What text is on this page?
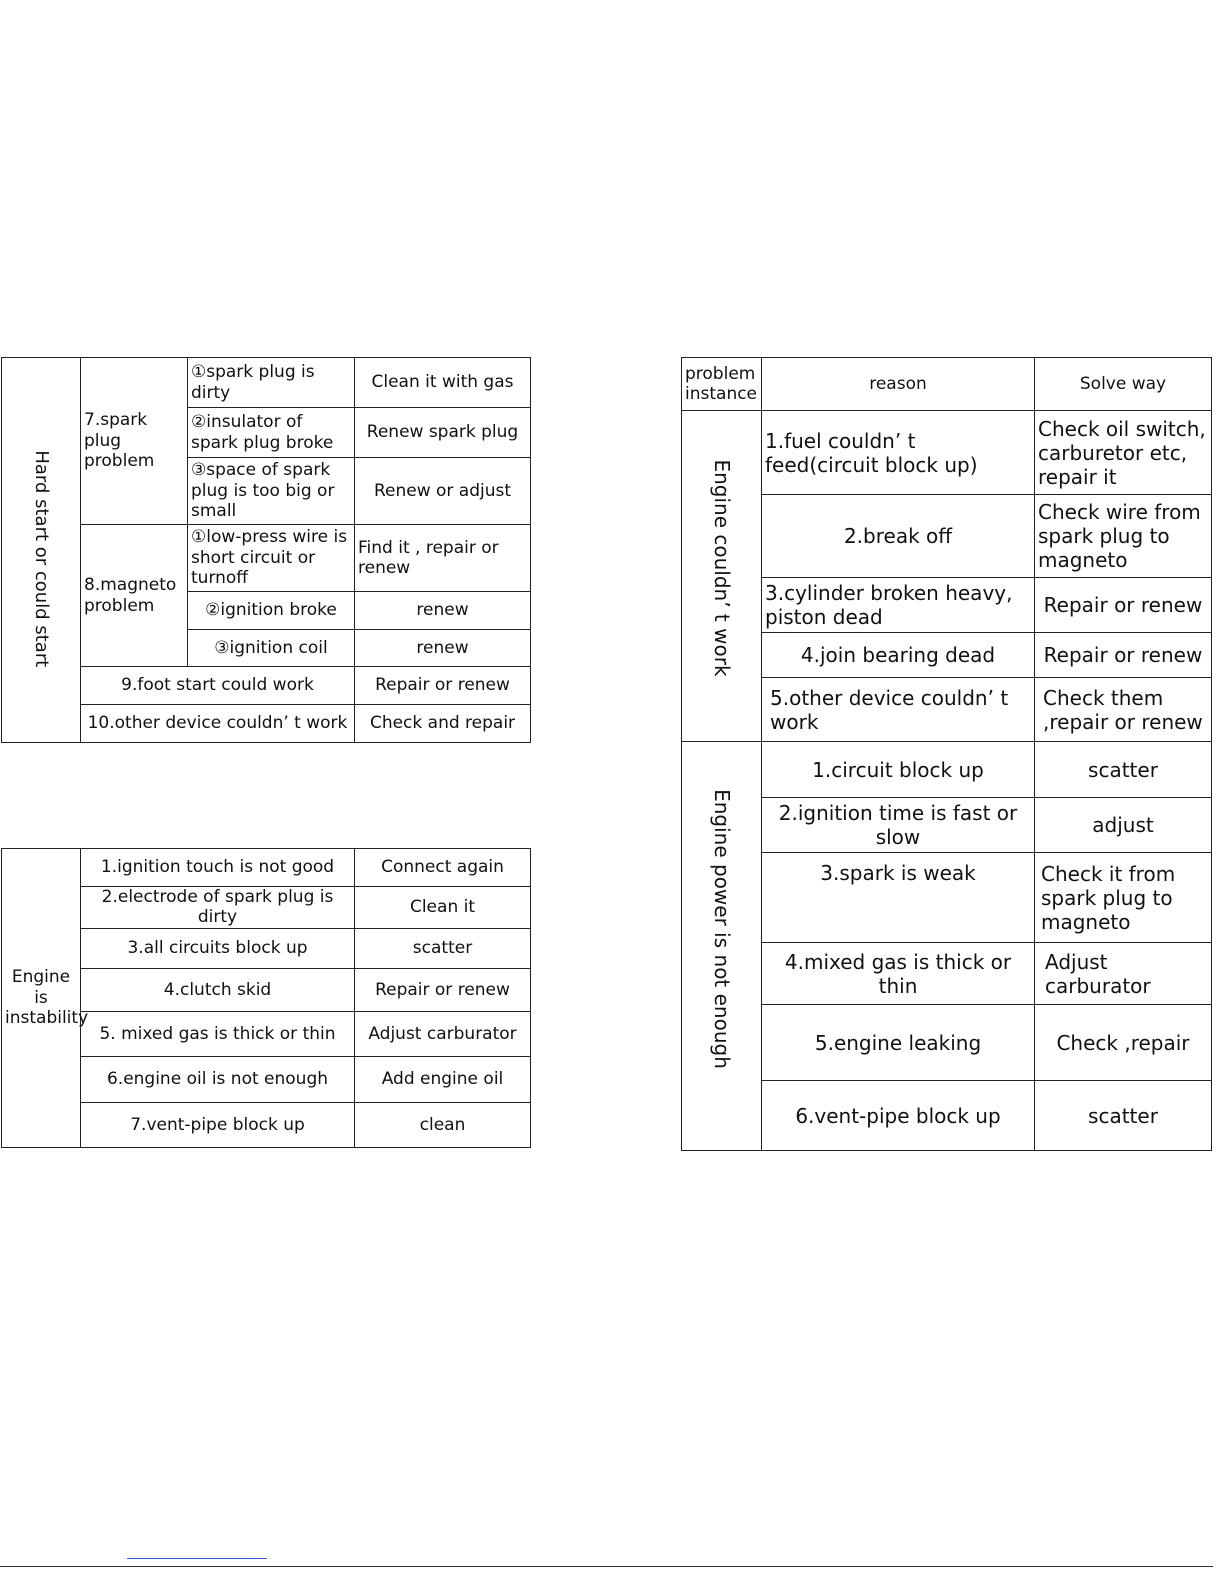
Hard start or could start	7.spark plug problem	①spark plug is dirty	Clean it with gas
		②insulator of spark plug broke	Renew spark plug
		③space of spark plug is too big or small	Renew or adjust
	8.magneto problem	①low-press wire is short circuit or turnoff	Find it , repair or renew
		②ignition broke	renew
		③ignition coil	renew
	9.foot start could work		Repair or renew
	10.other device couldn’ t work		Check and repair
Engine is instability	1.ignition touch is not good	Connect again
	2.electrode of spark plug is dirty	Clean it
	3.all circuits block up	scatter
	4.clutch skid	Repair or renew
	5. mixed gas is thick or thin	Adjust carburator
	6.engine oil is not enough	Add engine oil
	7.vent-pipe block up	clean
problem instance	reason	Solve way

Engine couldn’ t work	1.fuel couldn’ t feed(circuit block up)	Check oil switch, carburetor etc, repair it
	2.break off	Check wire from spark plug to magneto
	3.cylinder broken heavy, piston dead	Repair or renew
	4.join bearing dead	Repair or renew
	5.other device couldn’ t work	Check them ,repair or renew

Engine power is not enough	1.circuit block up	scatter
	2.ignition time is fast or slow	adjust
	3.spark is weak	Check it from spark plug to magneto
	4.mixed gas is thick or thin	Adjust carburator
	5.engine leaking	Check ,repair
	6.vent-pipe block up	scatter
